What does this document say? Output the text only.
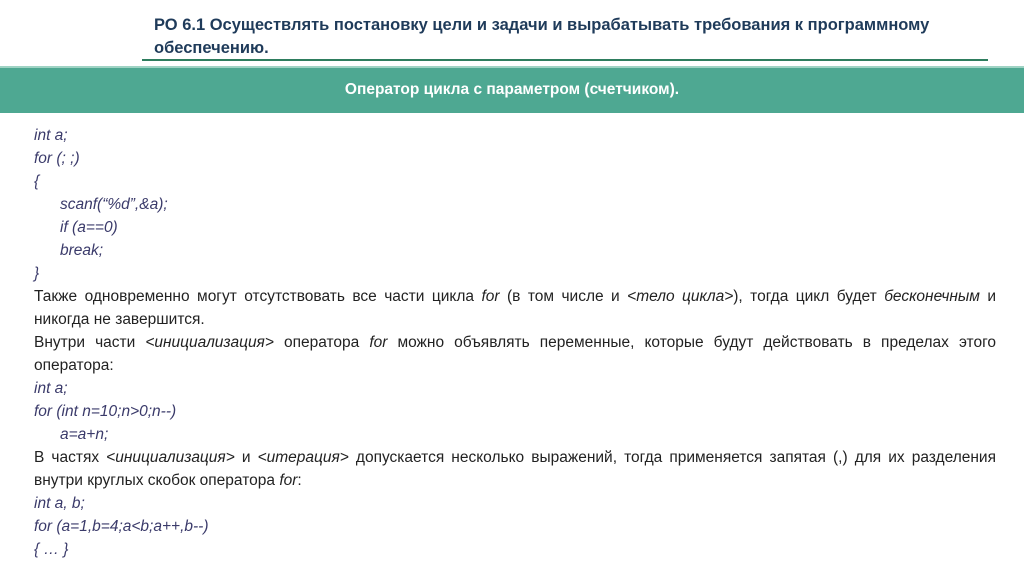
РО 6.1 Осуществлять постановку цели и задачи и вырабатывать требования к программному обеспечению.
Оператор цикла с параметром (счетчиком).
int a;
for (; ;)
{
scanf(“%d”,&a);
if (a==0)
break;
}

Также одновременно могут отсутствовать все части цикла for (в том числе и <тело цикла>), тогда цикл будет бесконечным и никогда не завершится.

Внутри части <инициализация> оператора for можно объявлять переменные, которые будут действовать в пределах этого оператора:

int a;
for (int n=10;n>0;n--)
a=a+n;

В частях <инициализация> и <итерация> допускается несколько выражений, тогда применяется запятая (,) для их разделения внутри круглых скобок оператора for:

int a, b;
for (a=1,b=4;a<b;a++,b--)
{ … }
